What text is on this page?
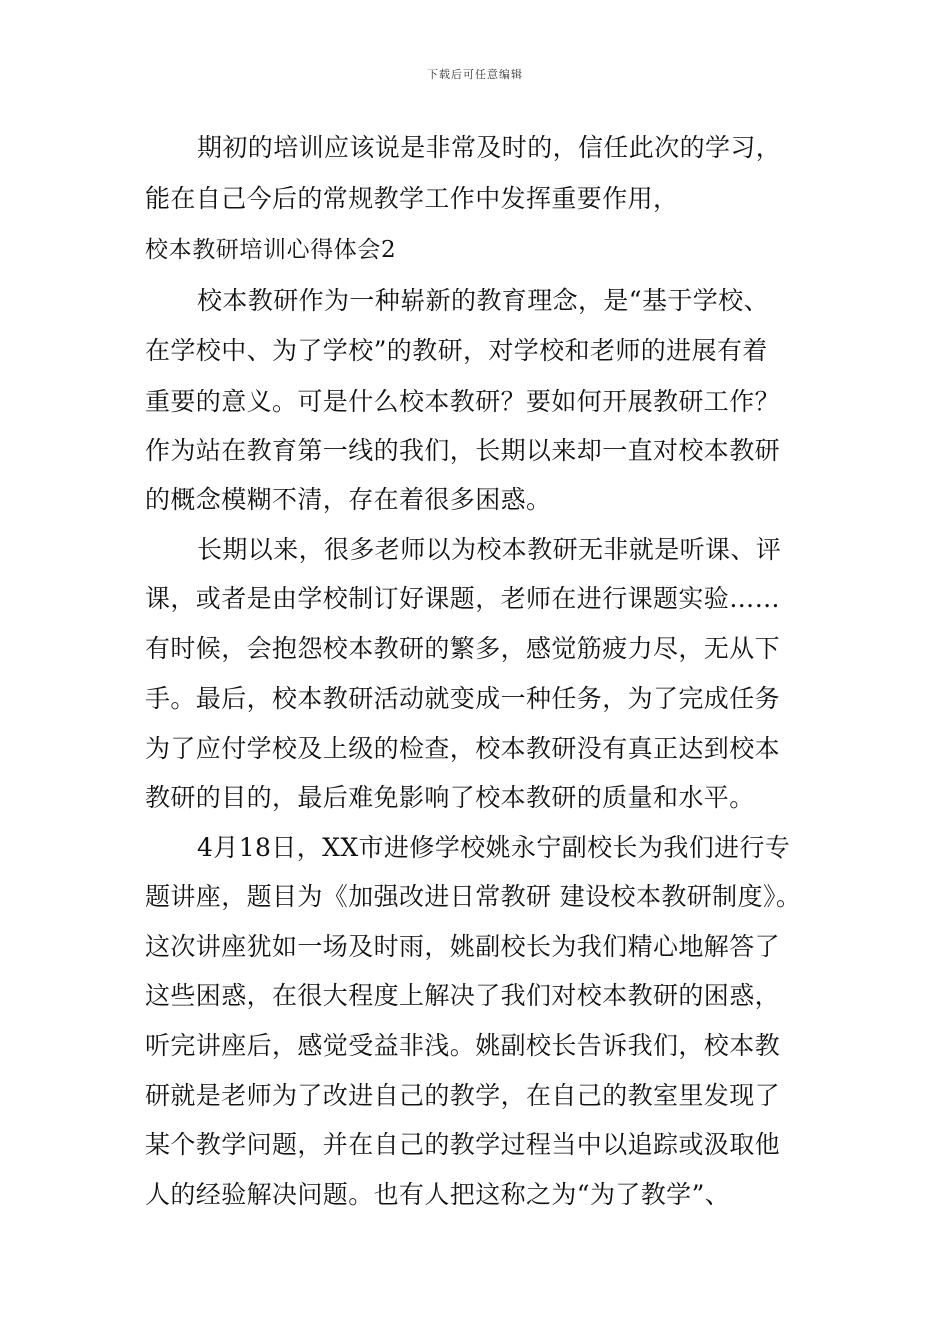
下载后可任意编辑
期初的培训应该说是非常及时的，信任此次的学习，
能在自己今后的常规教学工作中发挥重要作用，
校本教研培训心得体会2
校本教研作为一种崭新的教育理念，是“基于学校、
在学校中、为了学校”的教研，对学校和老师的进展有着
重要的意义。可是什么校本教研？要如何开展教研工作？
作为站在教育第一线的我们，长期以来却一直对校本教研
的概念模糊不清，存在着很多困惑。
长期以来，很多老师以为校本教研无非就是听课、评
课，或者是由学校制订好课题，老师在进行课题实验……
有时候，会抱怨校本教研的繁多，感觉筋疲力尽，无从下
手。最后，校本教研活动就变成一种任务，为了完成任务
为了应付学校及上级的检查，校本教研没有真正达到校本
教研的目的，最后难免影响了校本教研的质量和水平。
4月18日，XX市进修学校姚永宁副校长为我们进行专
题讲座，题目为《加强改进日常教研 建设校本教研制度》。
这次讲座犹如一场及时雨，姚副校长为我们精心地解答了
这些困惑，在很大程度上解决了我们对校本教研的困惑，
听完讲座后，感觉受益非浅。姚副校长告诉我们，校本教
研就是老师为了改进自己的教学，在自己的教室里发现了
某个教学问题，并在自己的教学过程当中以追踪或汲取他
人的经验解决问题。也有人把这称之为“为了教学”、
